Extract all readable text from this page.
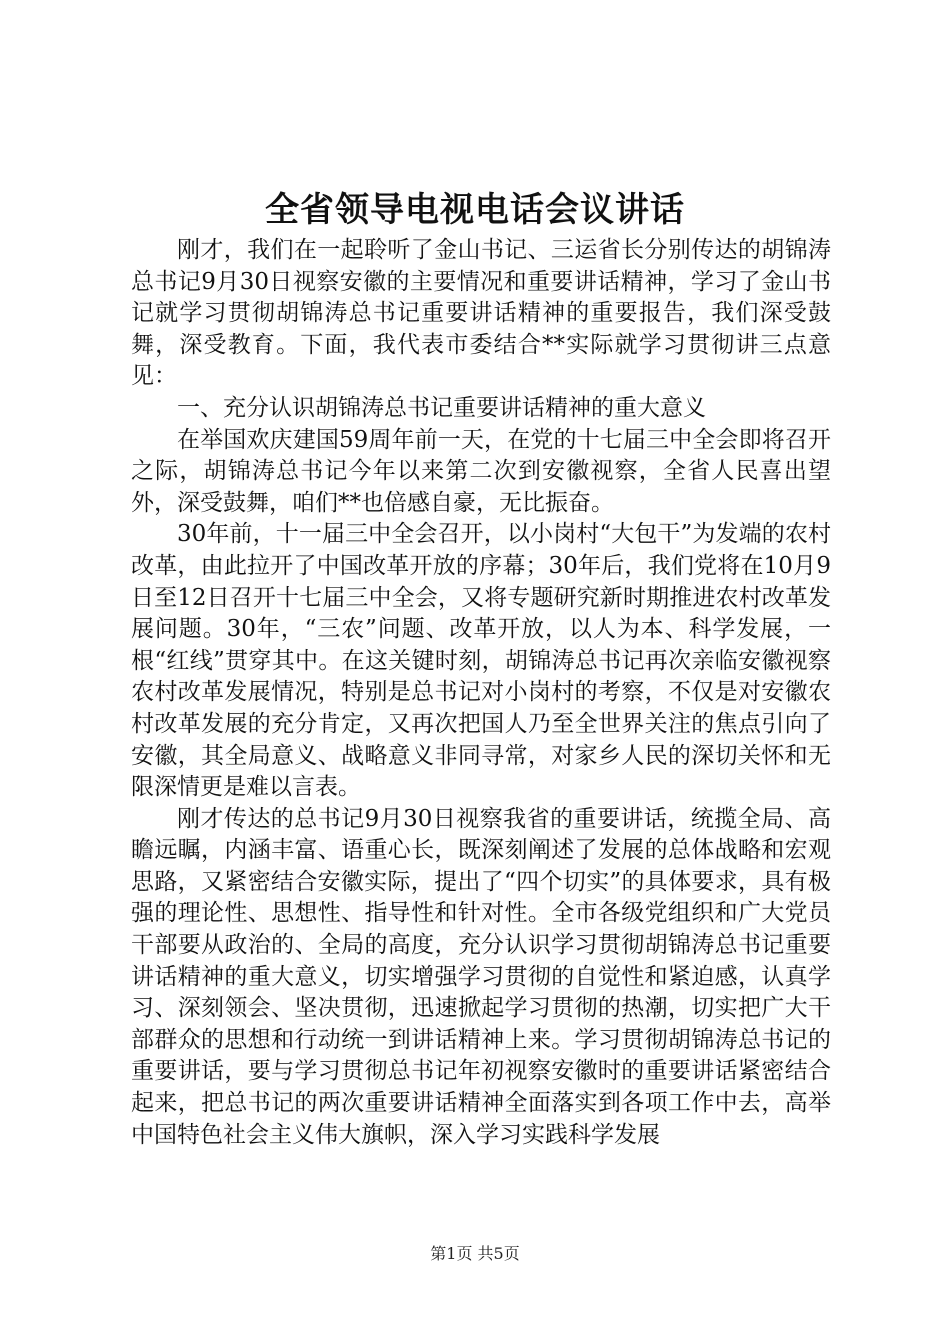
全省领导电视电话会议讲话

刚才，我们在一起聆听了金山书记、三运省长分别传达的胡锦涛总书记9月30日视察安徽的主要情况和重要讲话精神，学习了金山书记就学习贯彻胡锦涛总书记重要讲话精神的重要报告，我们深受鼓舞，深受教育。下面，我代表市委结合**实际就学习贯彻讲三点意见：

一、充分认识胡锦涛总书记重要讲话精神的重大意义

在举国欢庆建国59周年前一天，在党的十七届三中全会即将召开之际，胡锦涛总书记今年以来第二次到安徽视察，全省人民喜出望外，深受鼓舞，咱们**也倍感自豪，无比振奋。

30年前，十一届三中全会召开，以小岗村“大包干”为发端的农村改革，由此拉开了中国改革开放的序幕；30年后，我们党将在10月9日至12日召开十七届三中全会，又将专题研究新时期推进农村改革发展问题。30年，“三农”问题、改革开放，以人为本、科学发展，一根“红线”贯穿其中。在这关键时刻，胡锦涛总书记再次亲临安徽视察农村改革发展情况，特别是总书记对小岗村的考察，不仅是对安徽农村改革发展的充分肯定，又再次把国人乃至全世界关注的焦点引向了安徽，其全局意义、战略意义非同寻常，对家乡人民的深切关怀和无限深情更是难以言表。

刚才传达的总书记9月30日视察我省的重要讲话，统揽全局、高瞻远瞩，内涵丰富、语重心长，既深刻阐述了发展的总体战略和宏观思路，又紧密结合安徽实际，提出了“四个切实”的具体要求，具有极强的理论性、思想性、指导性和针对性。全市各级党组织和广大党员干部要从政治的、全局的高度，充分认识学习贯彻胡锦涛总书记重要讲话精神的重大意义，切实增强学习贯彻的自觉性和紧迫感，认真学习、深刻领会、坚决贯彻，迅速掀起学习贯彻的热潮，切实把广大干部群众的思想和行动统一到讲话精神上来。学习贯彻胡锦涛总书记的重要讲话，要与学习贯彻总书记年初视察安徽时的重要讲话紧密结合起来，把总书记的两次重要讲话精神全面落实到各项工作中去，高举中国特色社会主义伟大旗帜，深入学习实践科学发展

第1页 共5页
